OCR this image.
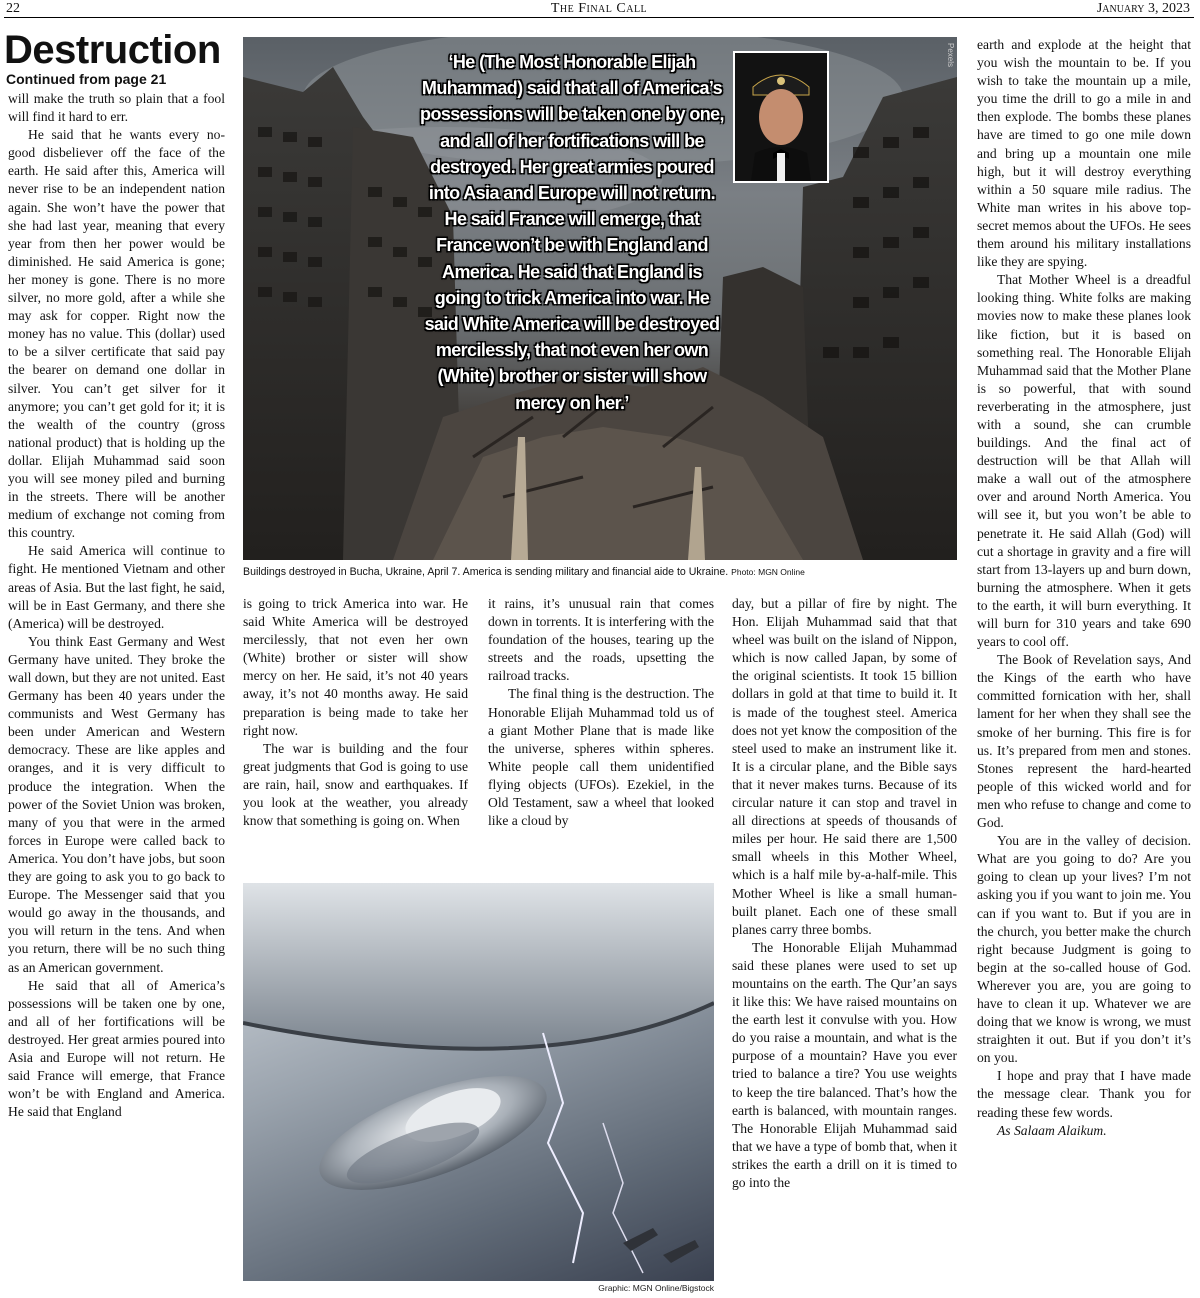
22	The Final Call	January 3, 2023
Destruction
Continued from page 21

will make the truth so plain that a fool will find it hard to err.

He said that he wants every no-good disbeliever off the face of the earth. He said after this, America will never rise to be an independent nation again. She won’t have the power that she had last year, meaning that every year from then her power would be diminished. He said America is gone; her money is gone. There is no more silver, no more gold, after a while she may ask for copper. Right now the money has no value. This (dollar) used to be a silver certificate that said pay the bearer on demand one dollar in silver. You can’t get silver for it anymore; you can’t get gold for it; it is the wealth of the country (gross national product) that is holding up the dollar. Elijah Muhammad said soon you will see money piled and burning in the streets. There will be another medium of exchange not coming from this country.

He said America will continue to fight. He mentioned Vietnam and other areas of Asia. But the last fight, he said, will be in East Germany, and there she (America) will be destroyed.

You think East Germany and West Germany have united. They broke the wall down, but they are not united. East Germany has been 40 years under the communists and West Germany has been under American and Western democracy. These are like apples and oranges, and it is very difficult to produce the integration. When the power of the Soviet Union was broken, many of you that were in the armed forces in Europe were called back to America. You don’t have jobs, but soon they are going to ask you to go back to Europe. The Messenger said that you would go away in the thousands, and you will return in the tens. And when you return, there will be no such thing as an American government.

He said that all of America’s possessions will be taken one by one, and all of her fortifications will be destroyed. Her great armies poured into Asia and Europe will not return. He said France will emerge, that France won’t be with England and America. He said that England

‘He (The Most Honorable Elijah Muhammad) said that all of America’s possessions will be taken one by one, and all of her fortifications will be destroyed. Her great armies poured into Asia and Europe will not return. He said France will emerge, that France won’t be with England and America. He said that England is going to trick America into war. He said White America will be destroyed mercilessly, that not even her own (White) brother or sister will show mercy on her.’
Pexels
Buildings destroyed in Bucha, Ukraine, April 7. America is sending military and financial aide to Ukraine. Photo: MGN Online

is going to trick America into war. He said White America will be destroyed mercilessly, that not even her own (White) brother or sister will show mercy on her. He said, it’s not 40 years away, it’s not 40 months away. He said preparation is being made to take her right now.

The war is building and the four great judgments that God is going to use are rain, hail, snow and earthquakes. If you look at the weather, you already know that something is going on. When

it rains, it’s unusual rain that comes down in torrents. It is interfering with the foundation of the houses, tearing up the streets and the roads, upsetting the railroad tracks.

The final thing is the destruction. The Honorable Elijah Muhammad told us of a giant Mother Plane that is made like the universe, spheres within spheres. White people call them unidentified flying objects (UFOs). Ezekiel, in the Old Testament, saw a wheel that looked like a cloud by

Graphic: MGN Online/Bigstock

day, but a pillar of fire by night. The Hon. Elijah Muhammad said that that wheel was built on the island of Nippon, which is now called Japan, by some of the original scientists. It took 15 billion dollars in gold at that time to build it. It is made of the toughest steel. America does not yet know the composition of the steel used to make an instrument like it. It is a circular plane, and the Bible says that it never makes turns. Because of its circular nature it can stop and travel in all directions at speeds of thousands of miles per hour. He said there are 1,500 small wheels in this Mother Wheel, which is a half mile by-a-half-mile. This Mother Wheel is like a small human-built planet. Each one of these small planes carry three bombs.

The Honorable Elijah Muhammad said these planes were used to set up mountains on the earth. The Qur’an says it like this: We have raised mountains on the earth lest it convulse with you. How do you raise a mountain, and what is the purpose of a mountain? Have you ever tried to balance a tire? You use weights to keep the tire balanced. That’s how the earth is balanced, with mountain ranges. The Honorable Elijah Muhammad said that we have a type of bomb that, when it strikes the earth a drill on it is timed to go into the

earth and explode at the height that you wish the mountain to be. If you wish to take the mountain up a mile, you time the drill to go a mile in and then explode. The bombs these planes have are timed to go one mile down and bring up a mountain one mile high, but it will destroy everything within a 50 square mile radius. The White man writes in his above top-secret memos about the UFOs. He sees them around his military installations like they are spying.

That Mother Wheel is a dreadful looking thing. White folks are making movies now to make these planes look like fiction, but it is based on something real. The Honorable Elijah Muhammad said that the Mother Plane is so powerful, that with sound reverberating in the atmosphere, just with a sound, she can crumble buildings. And the final act of destruction will be that Allah will make a wall out of the atmosphere over and around North America. You will see it, but you won’t be able to penetrate it. He said Allah (God) will cut a shortage in gravity and a fire will start from 13-layers up and burn down, burning the atmosphere. When it gets to the earth, it will burn everything. It will burn for 310 years and take 690 years to cool off.

The Book of Revelation says, And the Kings of the earth who have committed fornication with her, shall lament for her when they shall see the smoke of her burning. This fire is for us. It’s prepared from men and stones. Stones represent the hard-hearted people of this wicked world and for men who refuse to change and come to God.

You are in the valley of decision. What are you going to do? Are you going to clean up your lives? I’m not asking you if you want to join me. You can if you want to. But if you are in the church, you better make the church right because Judgment is going to begin at the so-called house of God. Wherever you are, you are going to have to clean it up. Whatever we are doing that we know is wrong, we must straighten it out. But if you don’t it’s on you.

I hope and pray that I have made the message clear. Thank you for reading these few words.

As Salaam Alaikum.
